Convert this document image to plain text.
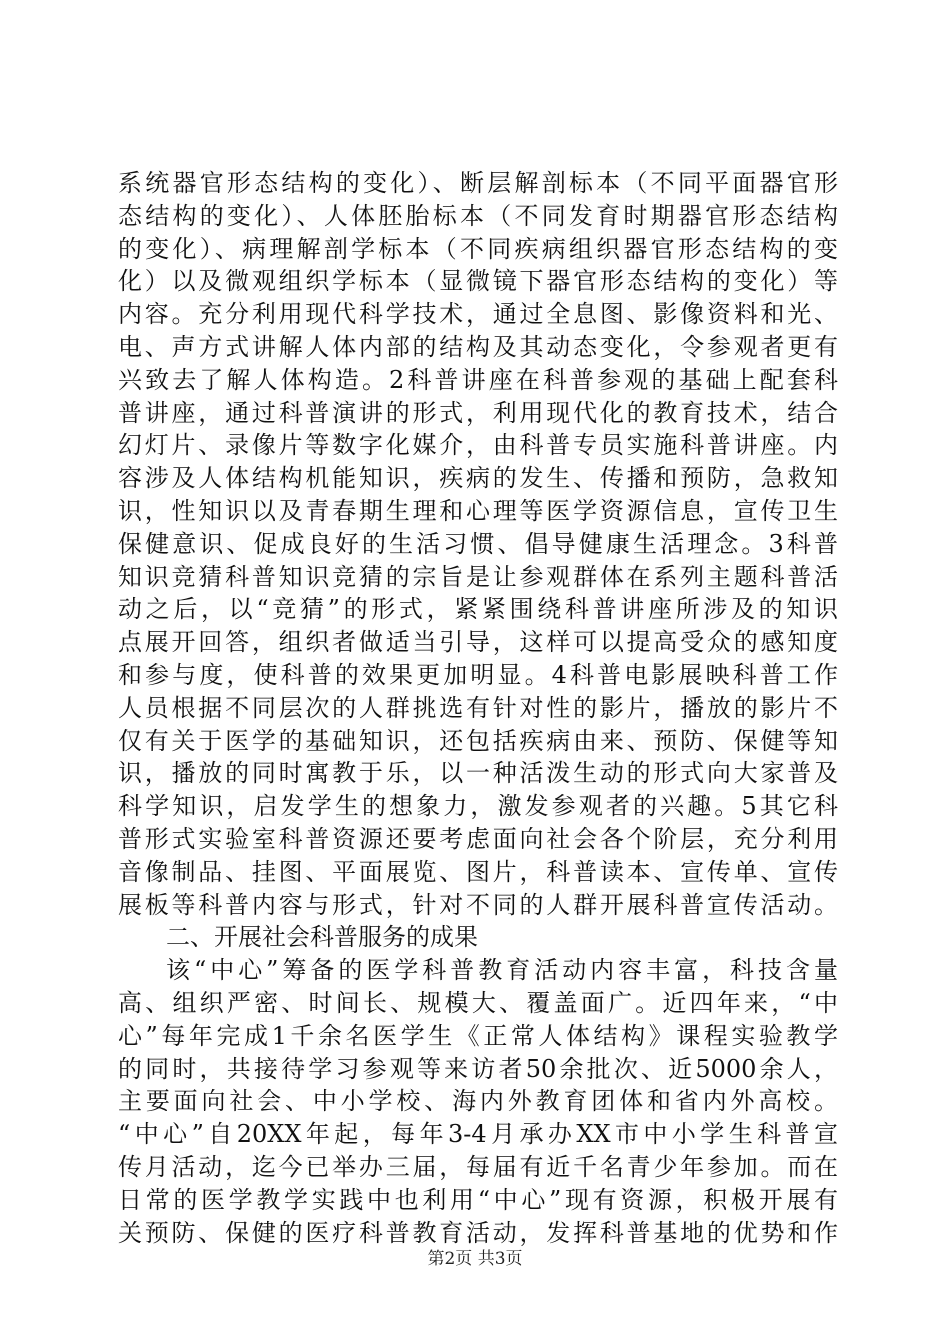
系统器官形态结构的变化）、断层解剖标本（不同平面器官形
态结构的变化）、人体胚胎标本（不同发育时期器官形态结构
的变化）、病理解剖学标本（不同疾病组织器官形态结构的变
化）以及微观组织学标本（显微镜下器官形态结构的变化）等
内容。充分利用现代科学技术，通过全息图、影像资料和光、
电、声方式讲解人体内部的结构及其动态变化，令参观者更有
兴致去了解人体构造。2科普讲座在科普参观的基础上配套科
普讲座，通过科普演讲的形式，利用现代化的教育技术，结合
幻灯片、录像片等数字化媒介，由科普专员实施科普讲座。内
容涉及人体结构机能知识，疾病的发生、传播和预防，急救知
识，性知识以及青春期生理和心理等医学资源信息，宣传卫生
保健意识、促成良好的生活习惯、倡导健康生活理念。3科普
知识竞猜科普知识竞猜的宗旨是让参观群体在系列主题科普活
动之后，以“竞猜”的形式，紧紧围绕科普讲座所涉及的知识
点展开回答，组织者做适当引导，这样可以提高受众的感知度
和参与度，使科普的效果更加明显。4科普电影展映科普工作
人员根据不同层次的人群挑选有针对性的影片，播放的影片不
仅有关于医学的基础知识，还包括疾病由来、预防、保健等知
识，播放的同时寓教于乐，以一种活泼生动的形式向大家普及
科学知识，启发学生的想象力，激发参观者的兴趣。5其它科
普形式实验室科普资源还要考虑面向社会各个阶层，充分利用
音像制品、挂图、平面展览、图片，科普读本、宣传单、宣传
展板等科普内容与形式，针对不同的人群开展科普宣传活动。
二、开展社会科普服务的成果
该“中心”筹备的医学科普教育活动内容丰富，科技含量
高、组织严密、时间长、规模大、覆盖面广。近四年来，“中
心”每年完成1千余名医学生《正常人体结构》课程实验教学
的同时，共接待学习参观等来访者50余批次、近5000余人，
主要面向社会、中小学校、海内外教育团体和省内外高校。
“中心”自20XX年起，每年3-4月承办XX市中小学生科普宣
传月活动，迄今已举办三届，每届有近千名青少年参加。而在
日常的医学教学实践中也利用“中心”现有资源，积极开展有
关预防、保健的医疗科普教育活动，发挥科普基地的优势和作
第2页 共3页
